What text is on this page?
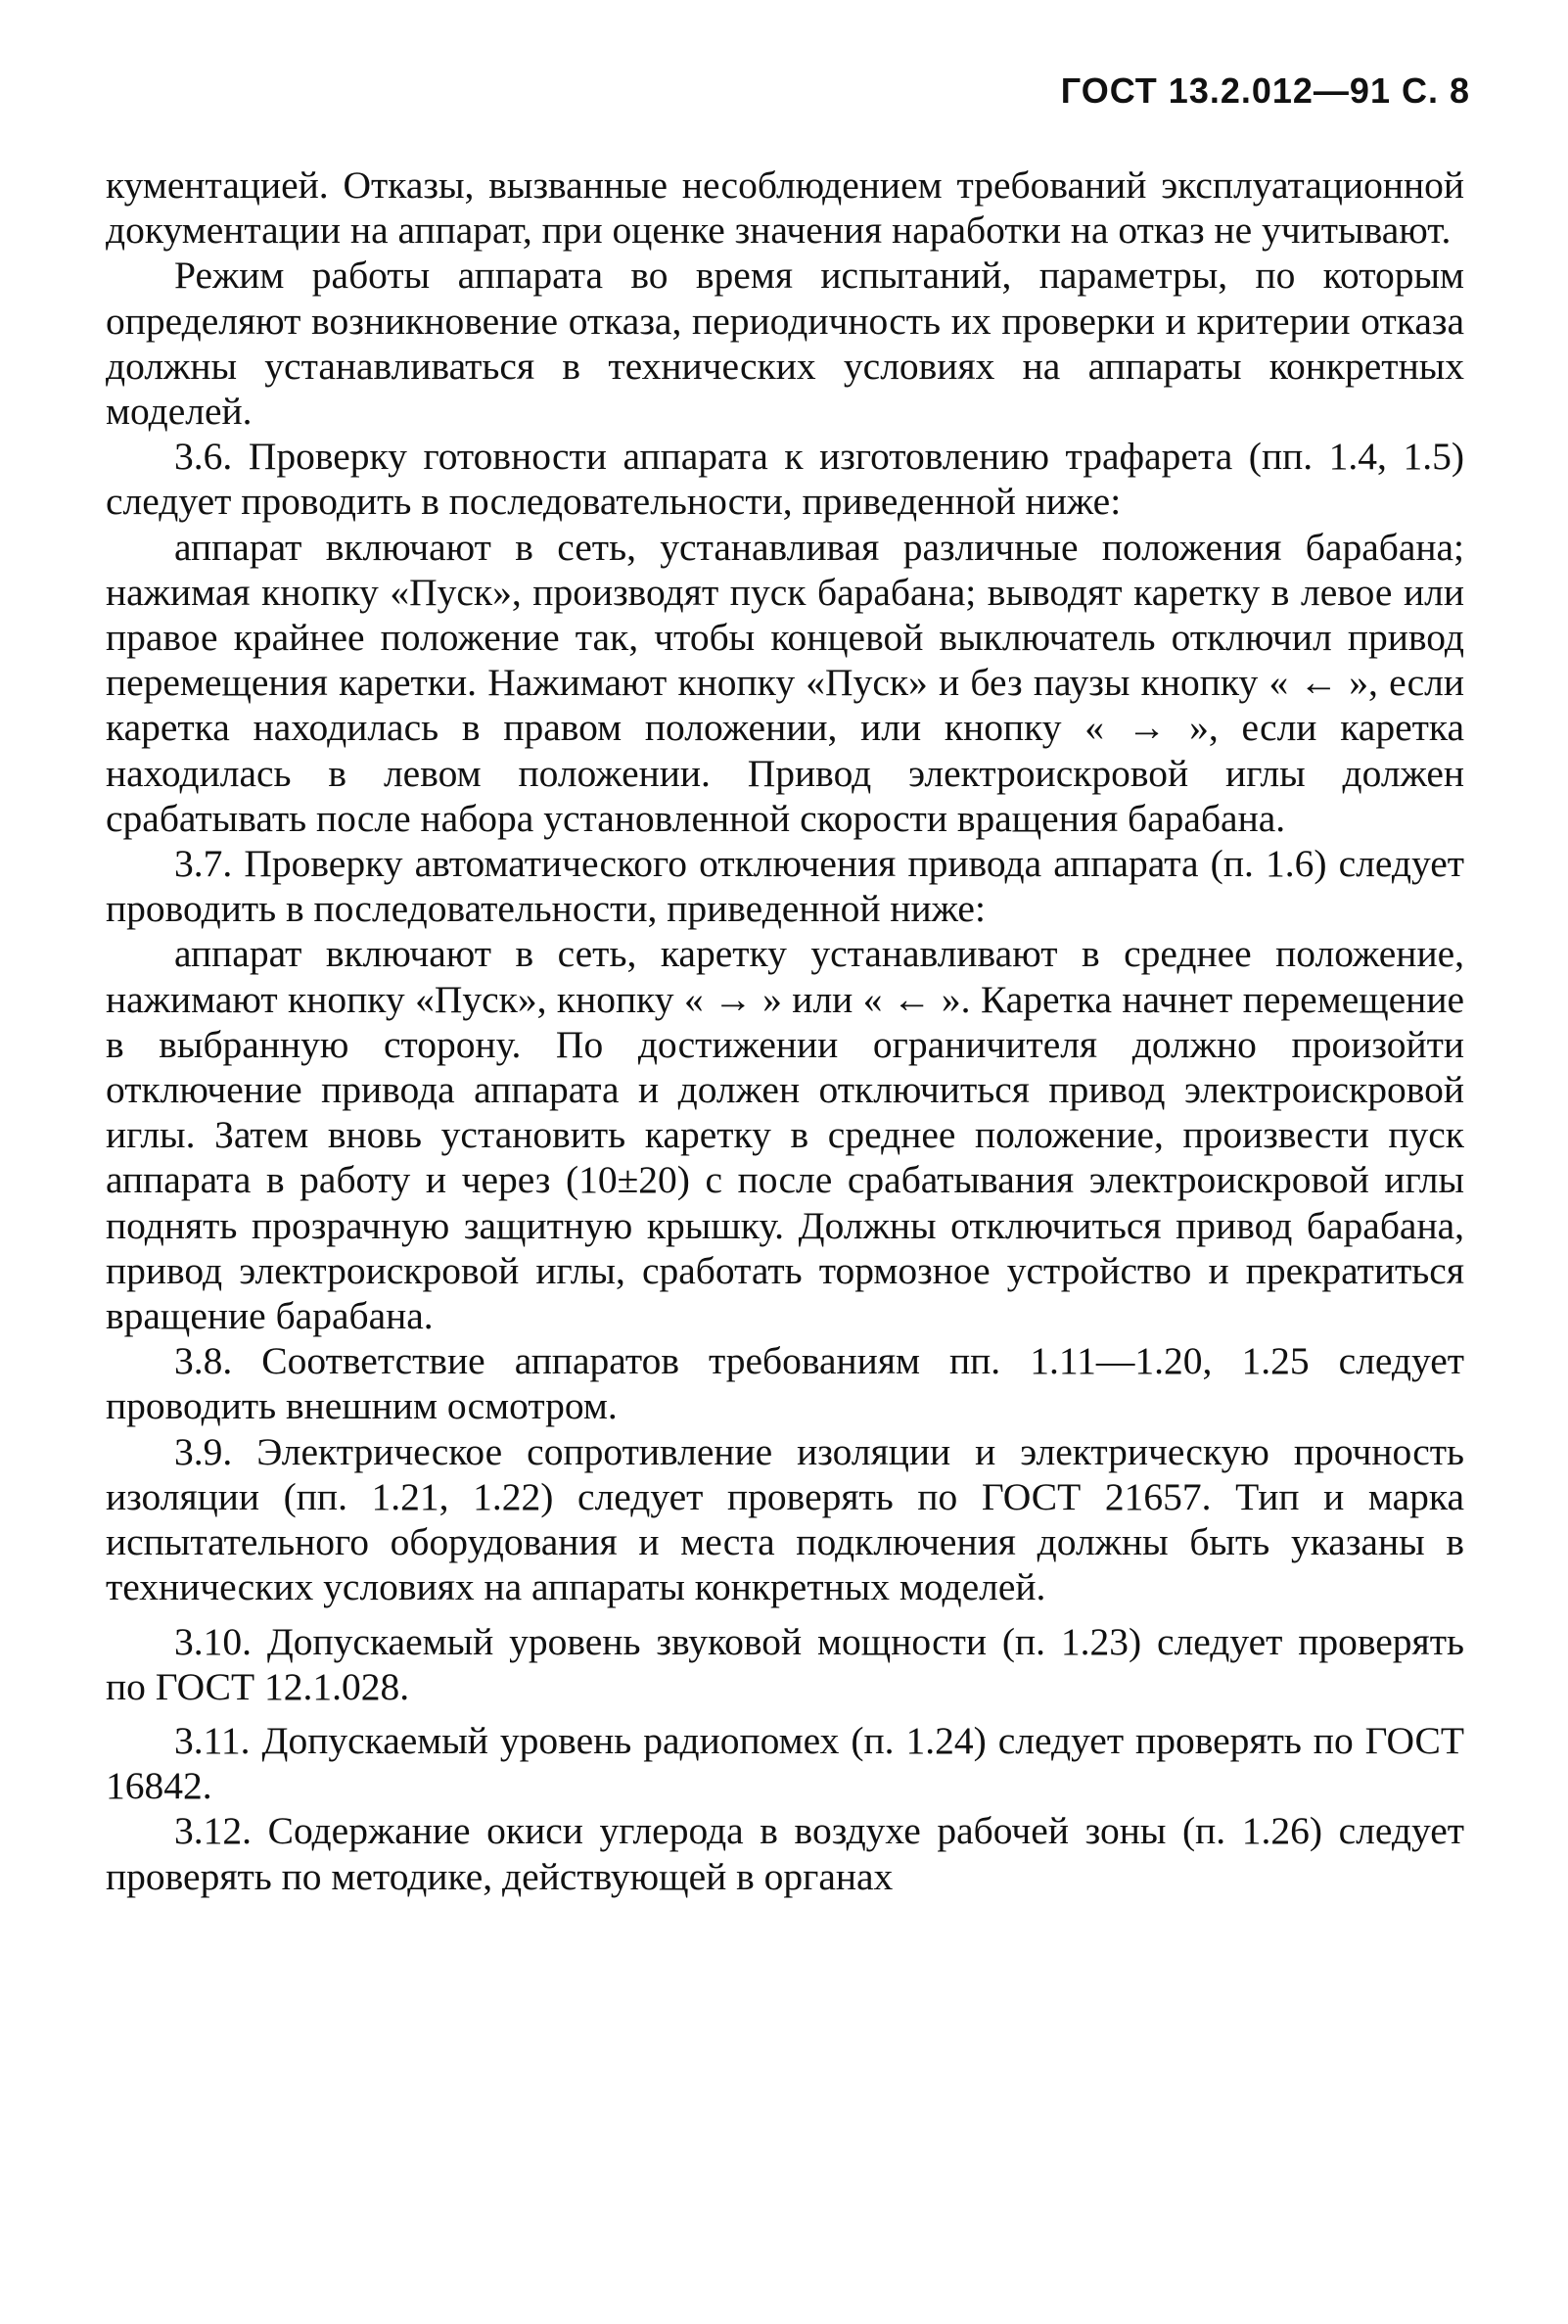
ГОСТ 13.2.012—91 С. 8

кументацией. Отказы, вызванные несоблюдением требований эксплуатационной документации на аппарат, при оценке значения наработки на отказ не учитывают.

Режим работы аппарата во время испытаний, параметры, по которым определяют возникновение отказа, периодичность их проверки и критерии отказа должны устанавливаться в технических условиях на аппараты конкретных моделей.

3.6. Проверку готовности аппарата к изготовлению трафарета (пп. 1.4, 1.5) следует проводить в последовательности, приведенной ниже:

аппарат включают в сеть, устанавливая различные положения барабана; нажимая кнопку «Пуск», производят пуск барабана; выводят каретку в левое или правое крайнее положение так, чтобы концевой выключатель отключил привод перемещения каретки. Нажимают кнопку «Пуск» и без паузы кнопку « ← », если каретка находилась в правом положении, или кнопку « → », если каретка находилась в левом положении. Привод электроискровой иглы должен срабатывать после набора установленной скорости вращения барабана.

3.7. Проверку автоматического отключения привода аппарата (п. 1.6) следует проводить в последовательности, приведенной ниже:

аппарат включают в сеть, каретку устанавливают в среднее положение, нажимают кнопку «Пуск», кнопку « → » или « ← ». Каретка начнет перемещение в выбранную сторону. По достижении ограничителя должно произойти отключение привода аппарата и должен отключиться привод электроискровой иглы. Затем вновь установить каретку в среднее положение, произвести пуск аппарата в работу и через (10±20) с после срабатывания электроискровой иглы поднять прозрачную защитную крышку. Должны отключиться привод барабана, привод электроискровой иглы, сработать тормозное устройство и прекратиться вращение барабана.

3.8. Соответствие аппаратов требованиям пп. 1.11—1.20, 1.25 следует проводить внешним осмотром.

3.9. Электрическое сопротивление изоляции и электрическую прочность изоляции (пп. 1.21, 1.22) следует проверять по ГОСТ 21657. Тип и марка испытательного оборудования и места подключения должны быть указаны в технических условиях на аппараты конкретных моделей.

3.10. Допускаемый уровень звуковой мощности (п. 1.23) следует проверять по ГОСТ 12.1.028.

3.11. Допускаемый уровень радиопомех (п. 1.24) следует проверять по ГОСТ 16842.

3.12. Содержание окиси углерода в воздухе рабочей зоны (п. 1.26) следует проверять по методике, действующей в органах
